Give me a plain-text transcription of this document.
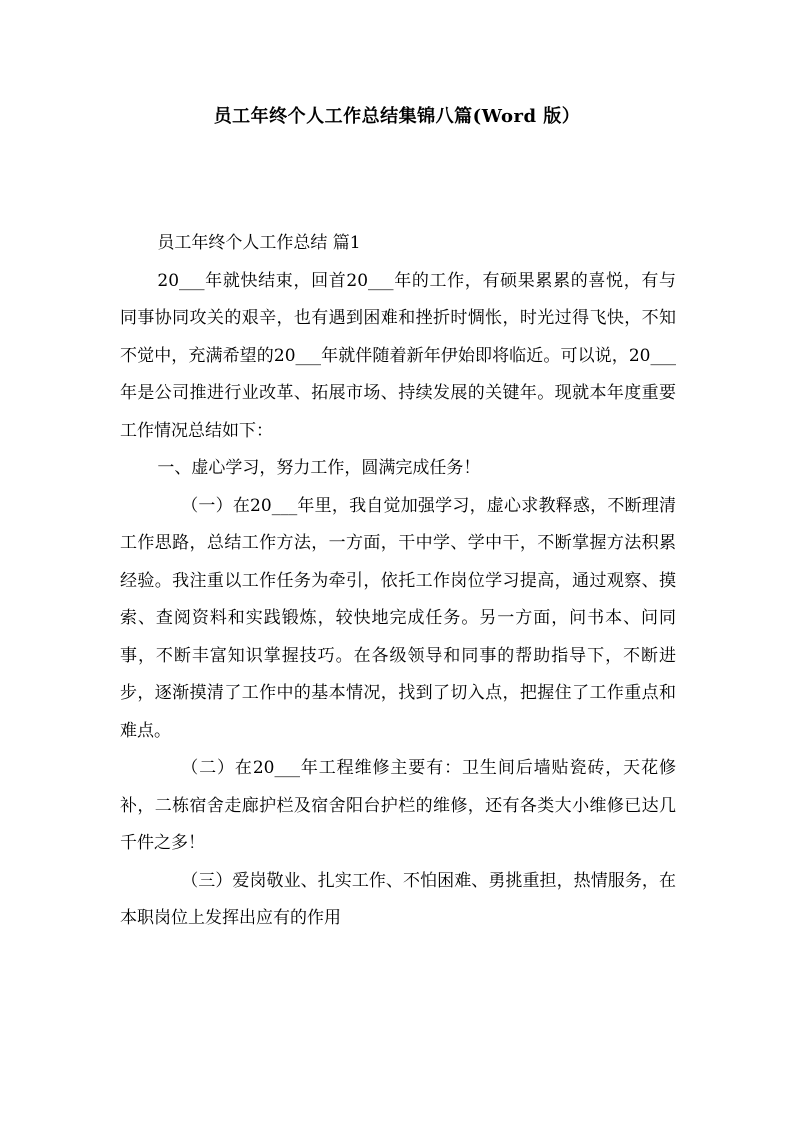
员工年终个人工作总结集锦八篇(Word 版）

员工年终个人工作总结 篇1

20___年就快结束，回首20___年的工作，有硕果累累的喜悦，有与同事协同攻关的艰辛，也有遇到困难和挫折时惆怅，时光过得飞快，不知不觉中，充满希望的20___年就伴随着新年伊始即将临近。可以说，20___年是公司推进行业改革、拓展市场、持续发展的关键年。现就本年度重要工作情况总结如下：

一、虚心学习，努力工作，圆满完成任务！

（一）在20___年里，我自觉加强学习，虚心求教释惑，不断理清工作思路，总结工作方法，一方面，干中学、学中干，不断掌握方法积累经验。我注重以工作任务为牵引，依托工作岗位学习提高，通过观察、摸索、查阅资料和实践锻炼，较快地完成任务。另一方面，问书本、问同事，不断丰富知识掌握技巧。在各级领导和同事的帮助指导下，不断进步，逐渐摸清了工作中的基本情况，找到了切入点，把握住了工作重点和难点。

（二）在20___年工程维修主要有：卫生间后墙贴瓷砖，天花修补，二栋宿舍走廊护栏及宿舍阳台护栏的维修，还有各类大小维修已达几千件之多！

（三）爱岗敬业、扎实工作、不怕困难、勇挑重担，热情服务，在本职岗位上发挥出应有的作用
